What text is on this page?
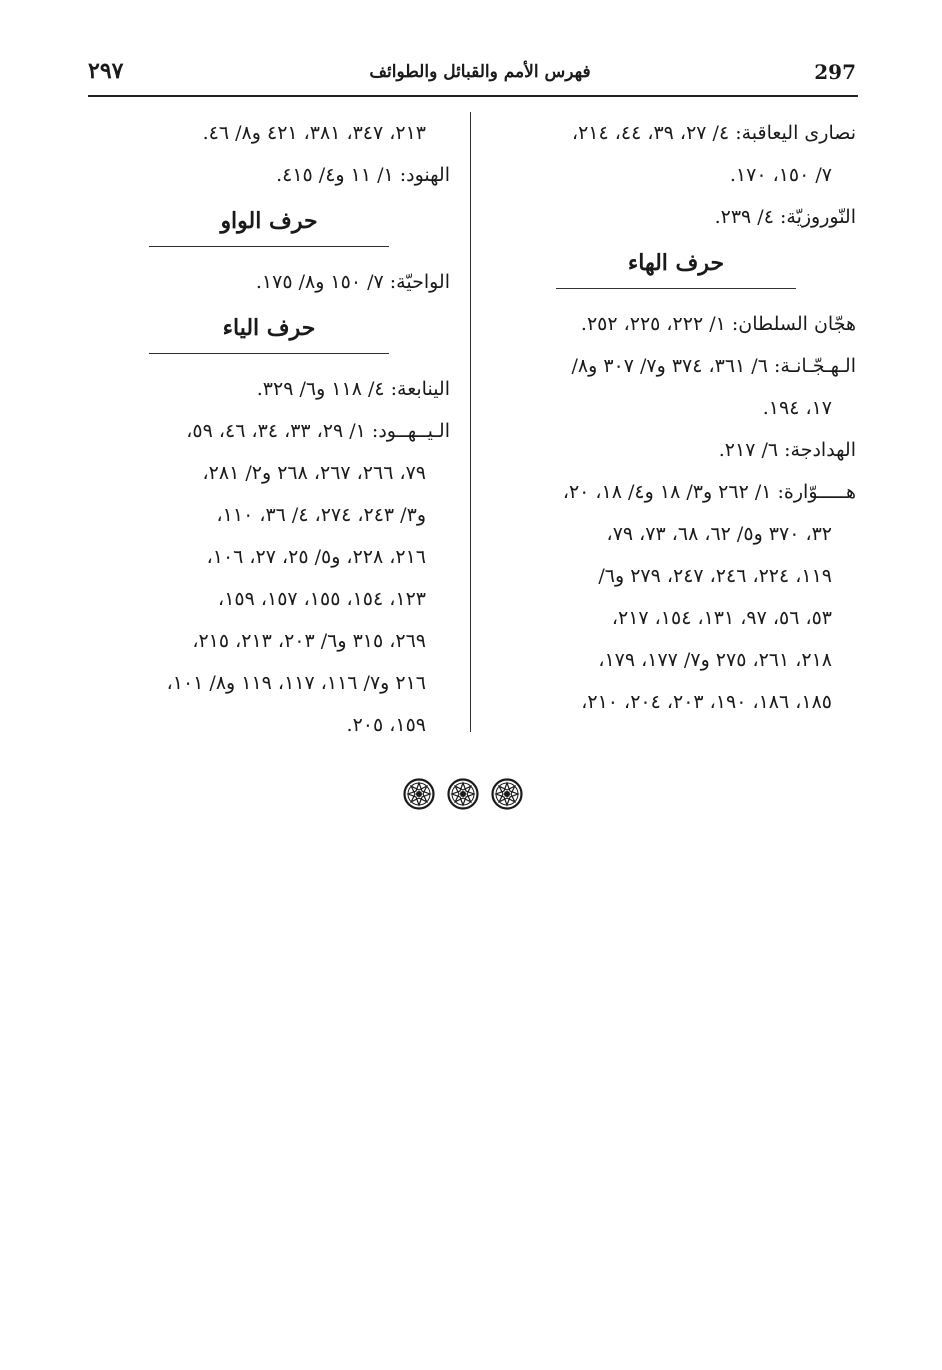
٢٩٧	فهرس الأمم والقبائل والطوائف	297
نصارى اليعاقبة: ٤/ ٢٧، ٣٩، ٤٤، ٢١٤،
٧/ ١٥٠، ١٧٠.
النّوروزيّة: ٤/ ٢٣٩.
حرف الهاء
هجّان السلطان: ١/ ٢٢٢، ٢٢٥، ٢٥٢.
الـهـجّـانـة: ٦/ ٣٦١، ٣٧٤ و٧/ ٣٠٧ و٨/
١٧، ١٩٤.
الهدادجة: ٦/ ٢١٧.
هـــــوّارة: ١/ ٢٦٢ و٣/ ١٨ و٤/ ١٨، ٢٠،
٣٢، ٣٧٠ و٥/ ٦٢، ٦٨، ٧٣، ٧٩،
١١٩، ٢٢٤، ٢٤٦، ٢٤٧، ٢٧٩ و٦/
٥٣، ٥٦، ٩٧، ١٣١، ١٥٤، ٢١٧،
٢١٨، ٢٦١، ٢٧٥ و٧/ ١٧٧، ١٧٩،
١٨٥، ١٨٦، ١٩٠، ٢٠٣، ٢٠٤، ٢١٠،
٢١٣، ٣٤٧، ٣٨١، ٤٢١ و٨/ ٤٦.
الهنود: ١/ ١١ و٤/ ٤١٥.
حرف الواو
الواحيّة: ٧/ ١٥٠ و٨/ ١٧٥.
حرف الياء
الينابعة: ٤/ ١١٨ و٦/ ٣٢٩.
الـيــهــود: ١/ ٢٩، ٣٣، ٣٤، ٤٦، ٥٩،
٧٩، ٢٦٦، ٢٦٧، ٢٦٨ و٢/ ٢٨١،
و٣/ ٢٤٣، ٢٧٤، ٤/ ٣٦، ١١٠،
٢١٦، ٢٢٨، و٥/ ٢٥، ٢٧، ١٠٦،
١٢٣، ١٥٤، ١٥٥، ١٥٧، ١٥٩،
٢٦٩، ٣١٥ و٦/ ٢٠٣، ٢١٣، ٢١٥،
٢١٦ و٧/ ١١٦، ١١٧، ١١٩ و٨/ ١٠١،
١٥٩، ٢٠٥.
